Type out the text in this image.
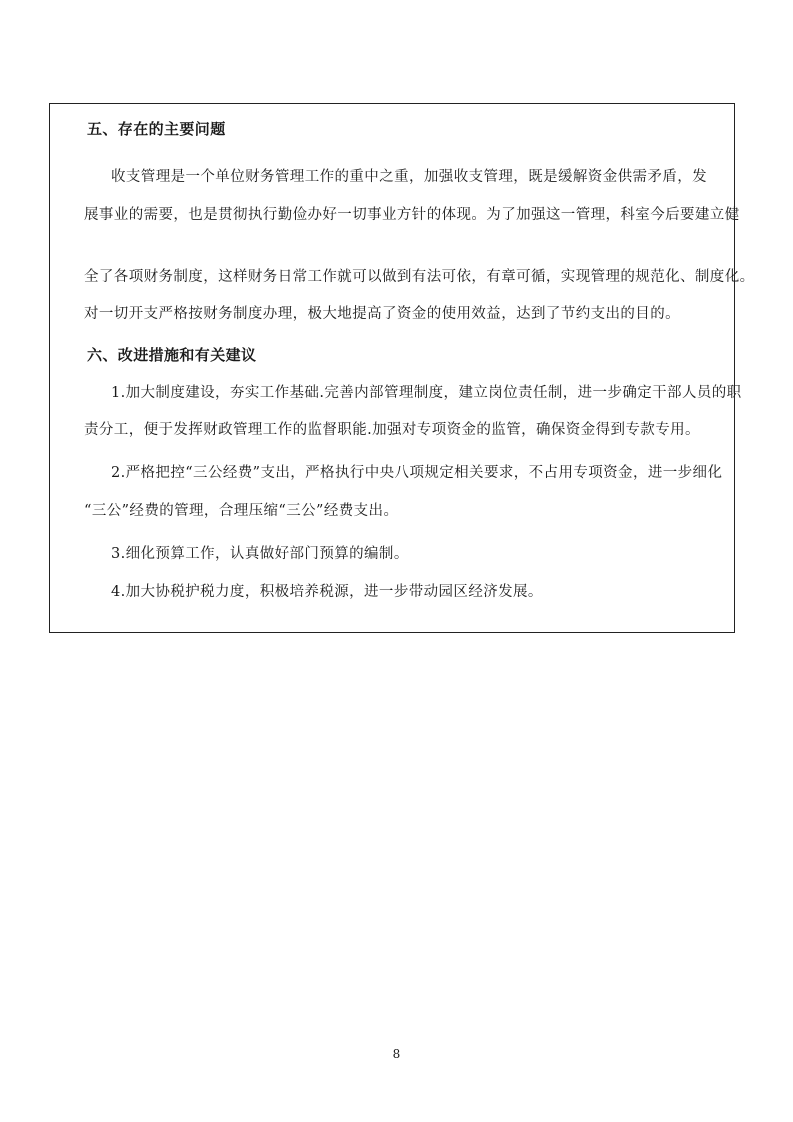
五、存在的主要问题
收支管理是一个单位财务管理工作的重中之重，加强收支管理，既是缓解资金供需矛盾，发
展事业的需要，也是贯彻执行勤俭办好一切事业方针的体现。为了加强这一管理，科室今后要建立健
全了各项财务制度，这样财务日常工作就可以做到有法可依，有章可循，实现管理的规范化、制度化。
对一切开支严格按财务制度办理，极大地提高了资金的使用效益，达到了节约支出的目的。
六、改进措施和有关建议
1.加大制度建设，夯实工作基础.完善内部管理制度，建立岗位责任制，进一步确定干部人员的职
责分工，便于发挥财政管理工作的监督职能.加强对专项资金的监管，确保资金得到专款专用。
2.严格把控“三公经费”支出，严格执行中央八项规定相关要求，不占用专项资金，进一步细化
“三公”经费的管理，合理压缩“三公”经费支出。
3.细化预算工作，认真做好部门预算的编制。
4.加大协税护税力度，积极培养税源，进一步带动园区经济发展。
8
